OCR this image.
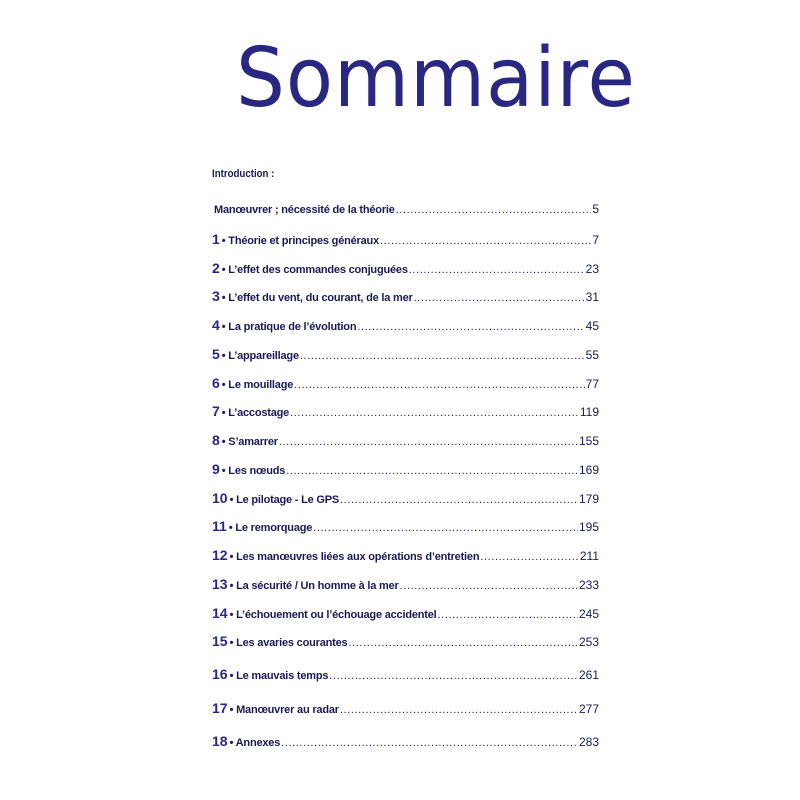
Sommaire
Introduction :
Manœuvrer ; nécessité de la théorie .....	5
1 • Théorie et principes généraux .....	7
2 • L’effet des commandes conjuguées .....	23
3 • L’effet du vent, du courant, de la mer .....	31
4 • La pratique de l’évolution .....	45
5 • L’appareillage .....	55
6 • Le mouillage .....	77
7 • L’accostage .....	119
8 • S’amarrer .....	155
9 • Les nœuds .....	169
10 • Le pilotage - Le GPS .....	179
11 • Le remorquage .....	195
12 • Les manœuvres liées aux opérations d’entretien .....	211
13 • La sécurité / Un homme à la mer .....	233
14 • L’échouement ou l’échouage accidentel .....	245
15 • Les avaries courantes .....	253
16 • Le mauvais temps .....	261
17 • Manœuvrer au radar .....	277
18 • Annexes .....	283
